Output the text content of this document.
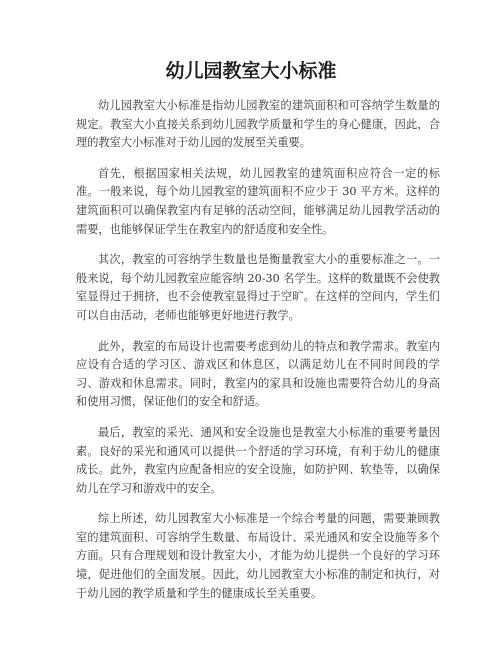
幼儿园教室大小标准

幼儿园教室大小标准是指幼儿园教室的建筑面积和可容纳学生数量的规定。教室大小直接关系到幼儿园教学质量和学生的身心健康，因此，合理的教室大小标准对于幼儿园的发展至关重要。

首先，根据国家相关法规，幼儿园教室的建筑面积应符合一定的标准。一般来说，每个幼儿园教室的建筑面积不应少于 30 平方米。这样的建筑面积可以确保教室内有足够的活动空间，能够满足幼儿园教学活动的需要，也能够保证学生在教室内的舒适度和安全性。

其次，教室的可容纳学生数量也是衡量教室大小的重要标准之一。一般来说，每个幼儿园教室应能容纳 20-30 名学生。这样的数量既不会使教室显得过于拥挤，也不会使教室显得过于空旷。在这样的空间内，学生们可以自由活动，老师也能够更好地进行教学。

此外，教室的布局设计也需要考虑到幼儿的特点和教学需求。教室内应设有合适的学习区、游戏区和休息区，以满足幼儿在不同时间段的学习、游戏和休息需求。同时，教室内的家具和设施也需要符合幼儿的身高和使用习惯，保证他们的安全和舒适。

最后，教室的采光、通风和安全设施也是教室大小标准的重要考量因素。良好的采光和通风可以提供一个舒适的学习环境，有利于幼儿的健康成长。此外，教室内应配备相应的安全设施，如防护网、软垫等，以确保幼儿在学习和游戏中的安全。

综上所述，幼儿园教室大小标准是一个综合考量的问题，需要兼顾教室的建筑面积、可容纳学生数量、布局设计、采光通风和安全设施等多个方面。只有合理规划和设计教室大小，才能为幼儿提供一个良好的学习环境，促进他们的全面发展。因此，幼儿园教室大小标准的制定和执行，对于幼儿园的教学质量和学生的健康成长至关重要。
